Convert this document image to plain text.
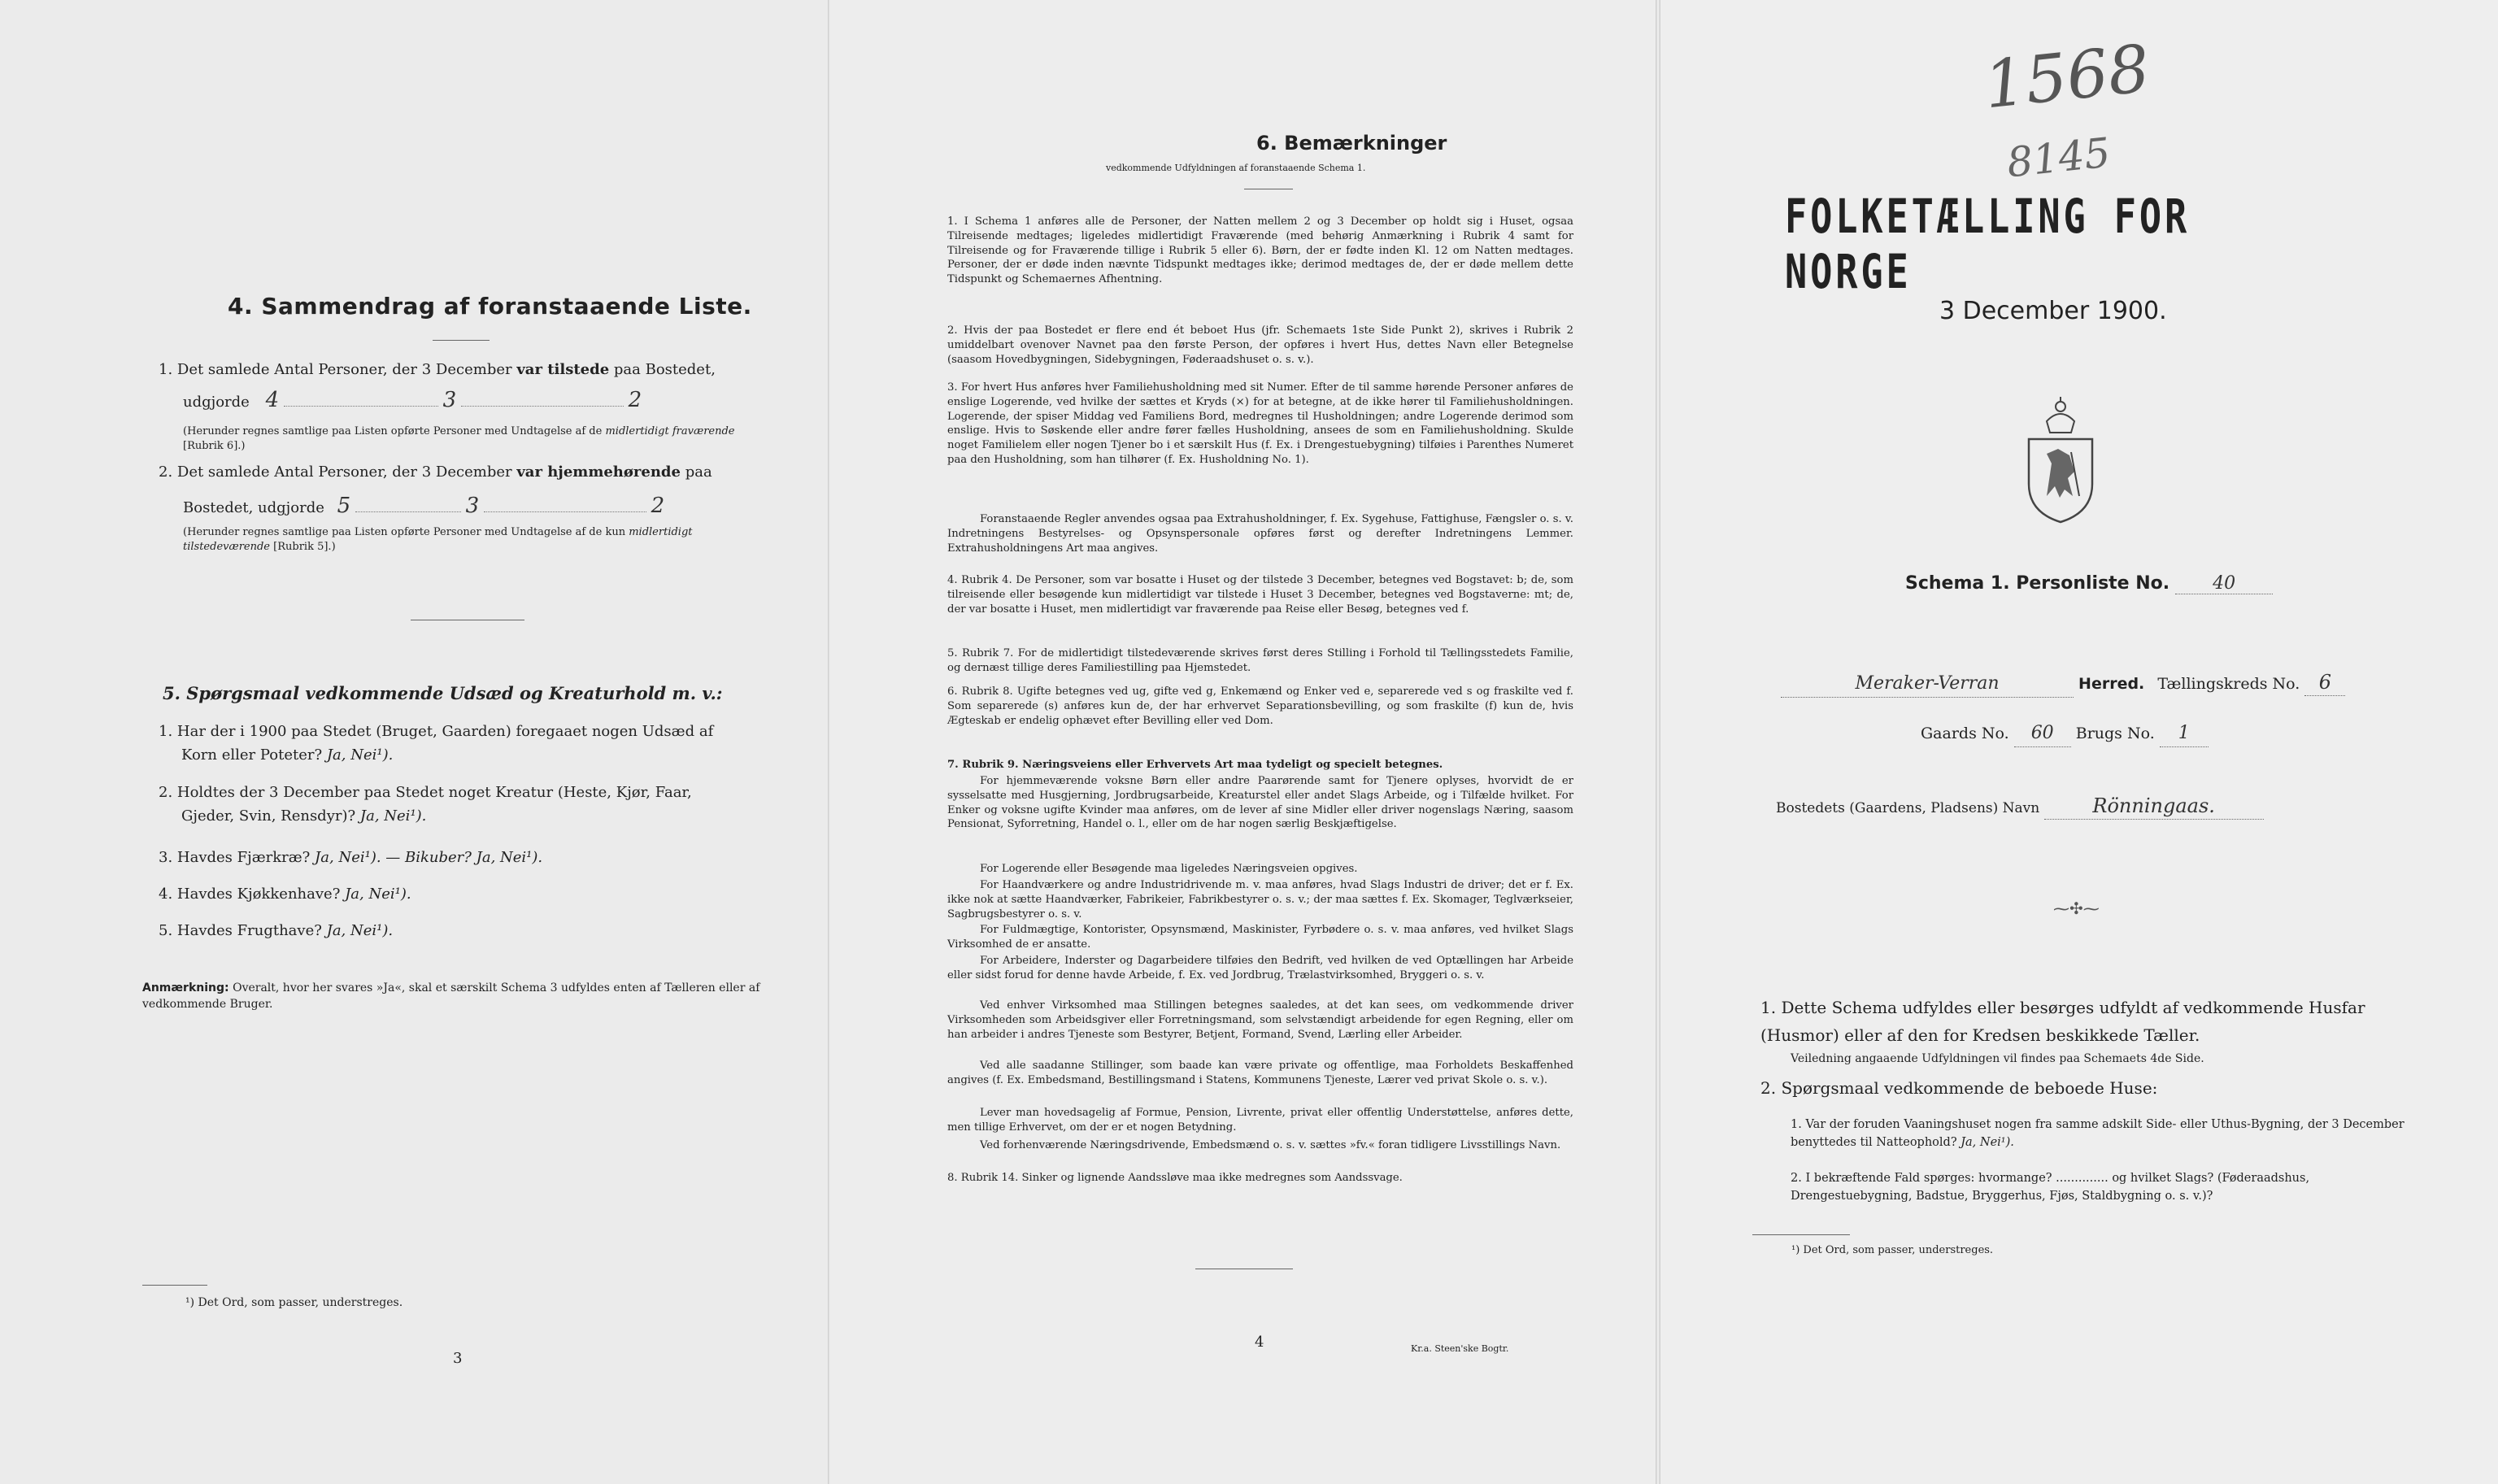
4. Sammendrag af foranstaaende Liste.
1. Det samlede Antal Personer, der 3 December var tilstede paa Bostedet,
udgjorde 4	3	2
(Herunder regnes samtlige paa Listen opførte Personer med Undtagelse af de midlertidigt fraværende [Rubrik 6].)
2. Det samlede Antal Personer, der 3 December var hjemmehørende paa
Bostedet, udgjorde 5	3	2
(Herunder regnes samtlige paa Listen opførte Personer med Undtagelse af de kun midlertidigt tilstedeværende [Rubrik 5].)
5. Spørgsmaal vedkommende Udsæd og Kreaturhold m. v.:
1. Har der i 1900 paa Stedet (Bruget, Gaarden) foregaaet nogen Udsæd af
Korn eller Poteter? Ja, Nei¹).
2. Holdtes der 3 December paa Stedet noget Kreatur (Heste, Kjør, Faar,
Gjeder, Svin, Rensdyr)? Ja, Nei¹).
3. Havdes Fjærkræ? Ja, Nei¹). — Bikuber? Ja, Nei¹).
4. Havdes Kjøkkenhave? Ja, Nei¹).
5. Havdes Frugthave? Ja, Nei¹).
Anmærkning: Overalt, hvor her svares »Ja«, skal et særskilt Schema 3 udfyldes enten af Tælleren eller af vedkommende Bruger.
¹) Det Ord, som passer, understreges.
3
6. Bemærkninger
vedkommende Udfyldningen af foranstaaende Schema 1.
1. I Schema 1 anføres alle de Personer, der Natten mellem 2 og 3 December op holdt sig i Huset, ogsaa Tilreisende medtages; ligeledes midlertidigt Fraværende (med behørig Anmærkning i Rubrik 4 samt for Tilreisende og for Fraværende tillige i Rubrik 5 eller 6). Børn, der er fødte inden Kl. 12 om Natten medtages. Personer, der er døde inden nævnte Tidspunkt medtages ikke; derimod medtages de, der er døde mellem dette Tidspunkt og Schemaernes Afhentning.
2. Hvis der paa Bostedet er flere end ét beboet Hus (jfr. Schemaets 1ste Side Punkt 2), skrives i Rubrik 2 umiddelbart ovenover Navnet paa den første Person, der opføres i hvert Hus, dettes Navn eller Betegnelse (saasom Hovedbygningen, Sidebygningen, Føderaadshuset o. s. v.).
3. For hvert Hus anføres hver Familiehusholdning med sit Numer. Efter de til samme hørende Personer anføres de enslige Logerende, ved hvilke der sættes et Kryds (×) for at betegne, at de ikke hører til Familiehusholdningen. Logerende, der spiser Middag ved Familiens Bord, medregnes til Husholdningen; andre Logerende derimod som enslige. Hvis to Søskende eller andre fører fælles Husholdning, ansees de som en Familiehusholdning. Skulde noget Familielem eller nogen Tjener bo i et særskilt Hus (f. Ex. i Drengestuebygning) tilføies i Parenthes Numeret paa den Husholdning, som han tilhører (f. Ex. Husholdning No. 1).
Foranstaaende Regler anvendes ogsaa paa Extrahusholdninger, f. Ex. Sygehuse, Fattighuse, Fængsler o. s. v. Indretningens Bestyrelses- og Opsynspersonale opføres først og derefter Indretningens Lemmer. Extrahusholdningens Art maa angives.
4. Rubrik 4. De Personer, som var bosatte i Huset og der tilstede 3 December, betegnes ved Bogstavet: b; de, som tilreisende eller besøgende kun midlertidigt var tilstede i Huset 3 December, betegnes ved Bogstaverne: mt; de, der var bosatte i Huset, men midlertidigt var fraværende paa Reise eller Besøg, betegnes ved f.
5. Rubrik 7. For de midlertidigt tilstedeværende skrives først deres Stilling i Forhold til Tællingsstedets Familie, og dernæst tillige deres Familiestilling paa Hjemstedet.
6. Rubrik 8. Ugifte betegnes ved ug, gifte ved g, Enkemænd og Enker ved e, separerede ved s og fraskilte ved f. Som separerede (s) anføres kun de, der har erhvervet Separationsbevilling, og som fraskilte (f) kun de, hvis Ægteskab er endelig ophævet efter Bevilling eller ved Dom.
7. Rubrik 9. Næringsveiens eller Erhvervets Art maa tydeligt og specielt betegnes.
For hjemmeværende voksne Børn eller andre Paarørende samt for Tjenere oplyses, hvorvidt de er sysselsatte med Husgjerning, Jordbrugsarbeide, Kreaturstel eller andet Slags Arbeide, og i Tilfælde hvilket. For Enker og voksne ugifte Kvinder maa anføres, om de lever af sine Midler eller driver nogenslags Næring, saasom Pensionat, Syforretning, Handel o. l., eller om de har nogen særlig Beskjæftigelse.
For Logerende eller Besøgende maa ligeledes Næringsveien opgives.
For Haandværkere og andre Industridrivende m. v. maa anføres, hvad Slags Industri de driver; det er f. Ex. ikke nok at sætte Haandværker, Fabrikeier, Fabrikbestyrer o. s. v.; der maa sættes f. Ex. Skomager, Teglværkseier, Sagbrugsbestyrer o. s. v.
For Fuldmægtige, Kontorister, Opsynsmænd, Maskinister, Fyrbødere o. s. v. maa anføres, ved hvilket Slags Virksomhed de er ansatte.
For Arbeidere, Inderster og Dagarbeidere tilføies den Bedrift, ved hvilken de ved Optællingen har Arbeide eller sidst forud for denne havde Arbeide, f. Ex. ved Jordbrug, Trælastvirksomhed, Bryggeri o. s. v.
Ved enhver Virksomhed maa Stillingen betegnes saaledes, at det kan sees, om vedkommende driver Virksomheden som Arbeidsgiver eller Forretningsmand, som selvstændigt arbeidende for egen Regning, eller om han arbeider i andres Tjeneste som Bestyrer, Betjent, Formand, Svend, Lærling eller Arbeider.
Ved alle saadanne Stillinger, som baade kan være private og offentlige, maa Forholdets Beskaffenhed angives (f. Ex. Embedsmand, Bestillingsmand i Statens, Kommunens Tjeneste, Lærer ved privat Skole o. s. v.).
Lever man hovedsagelig af Formue, Pension, Livrente, privat eller offentlig Understøttelse, anføres dette, men tillige Erhvervet, om der er et nogen Betydning.
Ved forhenværende Næringsdrivende, Embedsmænd o. s. v. sættes »fv.« foran tidligere Livsstillings Navn.
8. Rubrik 14. Sinker og lignende Aandssløve maa ikke medregnes som Aandssvage.
4	Kr.a. Steen'ske Bogtr.
1568
8145
FOLKETÆLLING FOR NORGE
3 December 1900.
Schema 1. Personliste No. 40
Meraker-Verran	Herred. Tællingskreds No. 6
Gaards No. 60 Brugs No. 1
Bostedets (Gaardens, Pladsens) Navn	Rönningaas.
⁓✣⁓
1. Dette Schema udfyldes eller besørges udfyldt af vedkommende Husfar (Husmor) eller af den for Kredsen beskikkede Tæller.
Veiledning angaaende Udfyldningen vil findes paa Schemaets 4de Side.
2. Spørgsmaal vedkommende de beboede Huse:
1. Var der foruden Vaaningshuset nogen fra samme adskilt Side- eller Uthus-Bygning, der 3 December benyttedes til Natteophold? Ja, Nei¹).
2. I bekræftende Fald spørges: hvormange? .............. og hvilket Slags? (Føderaadshus, Drengestuebygning, Badstue, Bryggerhus, Fjøs, Staldbygning o. s. v.)?
¹) Det Ord, som passer, understreges.
